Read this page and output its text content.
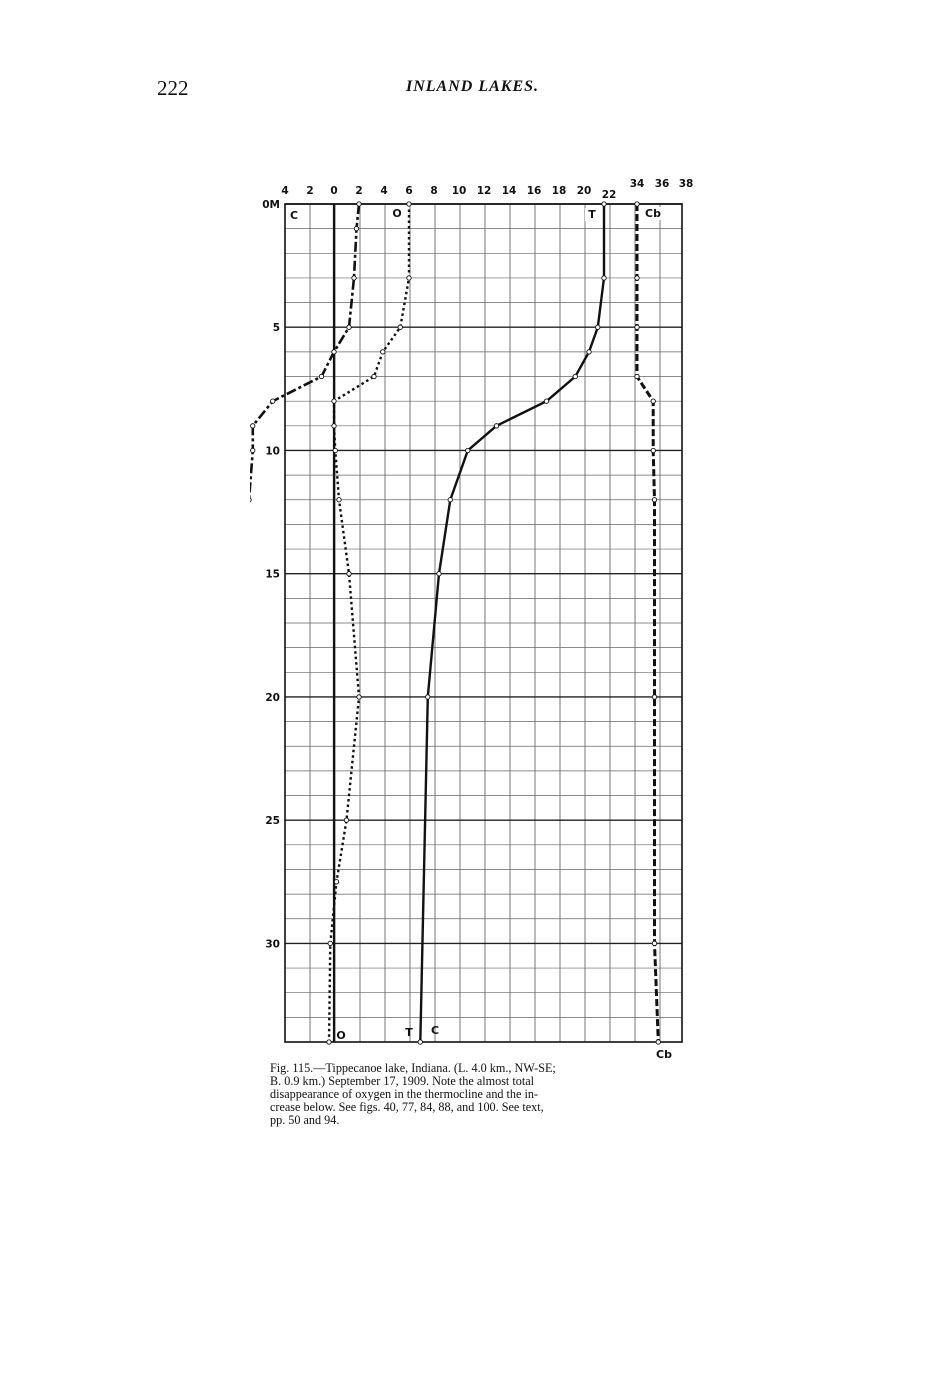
222	INLAND LAKES.
4 2 0 2 4 6 8 10 12 14 16 18 20 22
34 36 38
0M
5
10
15
20
25
30
C	O	T	Cb
O	T C
Cb
Fig. 115.—Tippecanoe lake, Indiana. (L. 4.0 km., NW-SE;
B. 0.9 km.) September 17, 1909. Note the almost total
disappearance of oxygen in the thermocline and the in-
crease below. See figs. 40, 77, 84, 88, and 100. See text,
pp. 50 and 94.
